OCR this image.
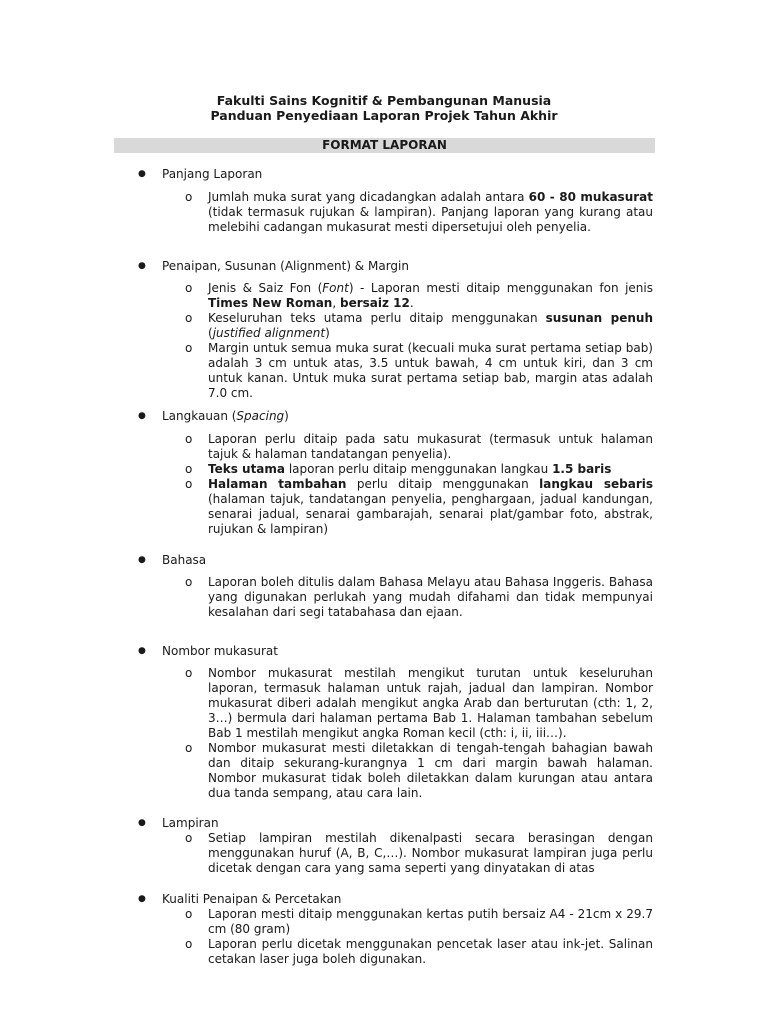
Fakulti Sains Kognitif & Pembangunan Manusia
Panduan Penyediaan Laporan Projek Tahun Akhir
FORMAT LAPORAN
● Panjang Laporan
o Jumlah muka surat yang dicadangkan adalah antara 60 - 80 mukasurat (tidak termasuk rujukan & lampiran). Panjang laporan yang kurang atau melebihi cadangan mukasurat mesti dipersetujui oleh penyelia.
● Penaipan, Susunan (Alignment) & Margin
o Jenis & Saiz Fon (Font) - Laporan mesti ditaip menggunakan fon jenis Times New Roman, bersaiz 12.
o Keseluruhan teks utama perlu ditaip menggunakan susunan penuh (justified alignment)
o Margin untuk semua muka surat (kecuali muka surat pertama setiap bab) adalah 3 cm untuk atas, 3.5 untuk bawah, 4 cm untuk kiri, dan 3 cm untuk kanan. Untuk muka surat pertama setiap bab, margin atas adalah 7.0 cm.
● Langkauan (Spacing)
o Laporan perlu ditaip pada satu mukasurat (termasuk untuk halaman tajuk & halaman tandatangan penyelia).
o Teks utama laporan perlu ditaip menggunakan langkau 1.5 baris
o Halaman tambahan perlu ditaip menggunakan langkau sebaris (halaman tajuk, tandatangan penyelia, penghargaan, jadual kandungan, senarai jadual, senarai gambarajah, senarai plat/gambar foto, abstrak, rujukan & lampiran)
● Bahasa
o Laporan boleh ditulis dalam Bahasa Melayu atau Bahasa Inggeris. Bahasa yang digunakan perlukah yang mudah difahami dan tidak mempunyai kesalahan dari segi tatabahasa dan ejaan.
● Nombor mukasurat
o Nombor mukasurat mestilah mengikut turutan untuk keseluruhan laporan, termasuk halaman untuk rajah, jadual dan lampiran. Nombor mukasurat diberi adalah mengikut angka Arab dan berturutan (cth: 1, 2, 3…) bermula dari halaman pertama Bab 1. Halaman tambahan sebelum Bab 1 mestilah mengikut angka Roman kecil (cth: i, ii, iii…).
o Nombor mukasurat mesti diletakkan di tengah-tengah bahagian bawah dan ditaip sekurang-kurangnya 1 cm dari margin bawah halaman. Nombor mukasurat tidak boleh diletakkan dalam kurungan atau antara dua tanda sempang, atau cara lain.
● Lampiran
o Setiap lampiran mestilah dikenalpasti secara berasingan dengan menggunakan huruf (A, B, C,…). Nombor mukasurat lampiran juga perlu dicetak dengan cara yang sama seperti yang dinyatakan di atas
● Kualiti Penaipan & Percetakan
o Laporan mesti ditaip menggunakan kertas putih bersaiz A4 - 21cm x 29.7 cm (80 gram)
o Laporan perlu dicetak menggunakan pencetak laser atau ink-jet. Salinan cetakan laser juga boleh digunakan.
